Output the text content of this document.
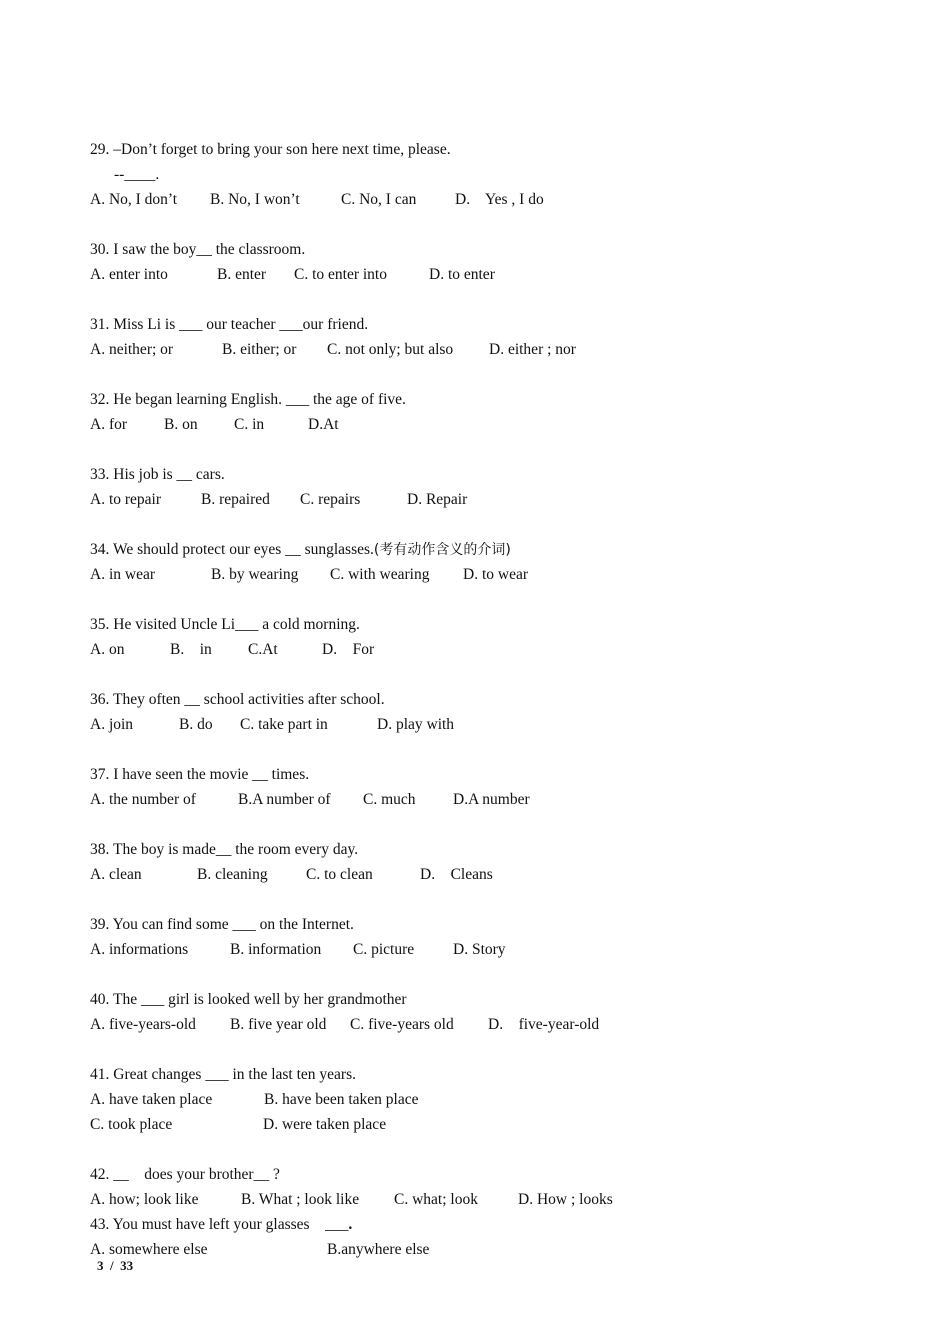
29. –Don’t forget to bring your son here next time, please.
--____.

A. No, I don’t

B. No, I won’t

	C. No, I can

D.    Yes , I do

30. I saw the boy__ the classroom.

A. enter into

	B. enter

C. to enter into

	D. to enter

31. Miss Li is ___ our teacher ___our friend.

A. neither; or

	B. either; or

C. not only; but also

D. either ; nor

32. He began learning English. ___ the age of five.

A. for

B. on

C. in

	D.At

33. His job is __ cars.

A. to repair

	B. repaired

C. repairs

	D. Repair

34. We should protect our eyes __ sunglasses.(考有动作含义的介词)

A. in wear

	B. by wearing

C. with wearing

D. to wear

35. He visited Uncle Li___ a cold morning.

A. on

	B.    in

C.At

	D.    For

36. They often __ school activities after school.

A. join

	B. do

C. take part in

	D. play with

37. I have seen the movie __ times.

A. the number of

	B.A number of

C. much

D.A number

38. The boy is made__ the room every day.

A. clean

	B. cleaning

C. to clean

	D.    Cleans

39. You can find some ___ on the Internet.

A. informations

	B. information

C. picture

	D. Story

40. The ___ girl is looked well by her grandmother

A. five-years-old

B. five year old

C. five-years old

D.    five-year-old

41. Great changes ___ in the last ten years.

A. have taken place

	B. have been taken place

C. took place

	D. were taken place

42. __    does your brother__ ?

A. how; look like

	B. What ; look like

C. what; look

	D. How ; looks

43. You must have left your glasses    ___.

A. somewhere else

	B.anywhere else

3  /  33
